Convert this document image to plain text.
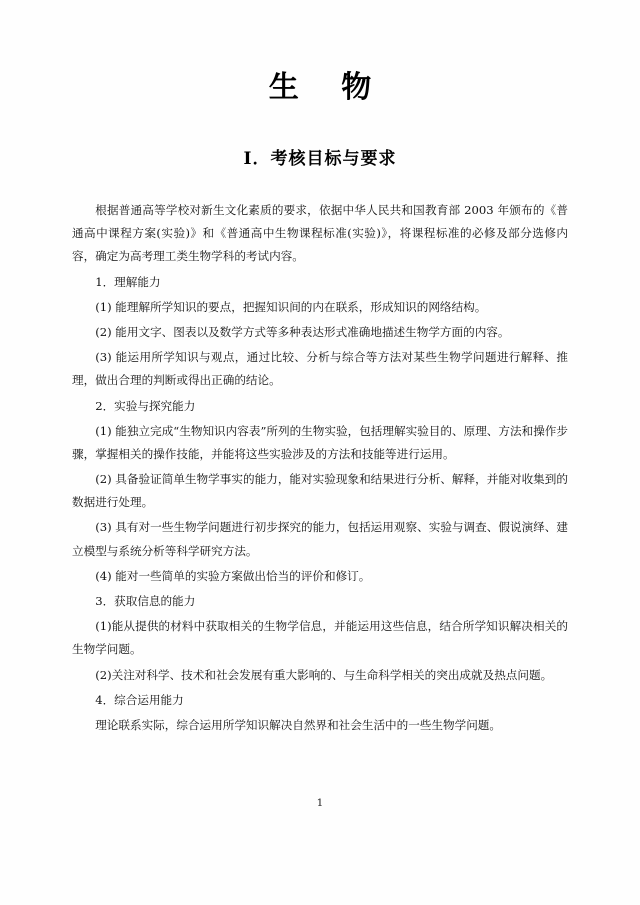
生 物
Ⅰ．考核目标与要求

根据普通高等学校对新生文化素质的要求，依据中华人民共和国教育部 2003 年颁布的《普通高中课程方案(实验)》和《普通高中生物课程标准(实验)》，将课程标准的必修及部分选修内容，确定为高考理工类生物学科的考试内容。

1．理解能力

(1) 能理解所学知识的要点，把握知识间的内在联系，形成知识的网络结构。

(2) 能用文字、图表以及数学方式等多种表达形式准确地描述生物学方面的内容。

(3) 能运用所学知识与观点，通过比较、分析与综合等方法对某些生物学问题进行解释、推理，做出合理的判断或得出正确的结论。

2．实验与探究能力

(1) 能独立完成“生物知识内容表”所列的生物实验，包括理解实验目的、原理、方法和操作步骤，掌握相关的操作技能，并能将这些实验涉及的方法和技能等进行运用。

(2) 具备验证简单生物学事实的能力，能对实验现象和结果进行分析、解释，并能对收集到的数据进行处理。

(3) 具有对一些生物学问题进行初步探究的能力，包括运用观察、实验与调查、假说演绎、建立模型与系统分析等科学研究方法。

(4) 能对一些简单的实验方案做出恰当的评价和修订。

3．获取信息的能力

(1)能从提供的材料中获取相关的生物学信息，并能运用这些信息，结合所学知识解决相关的生物学问题。

(2)关注对科学、技术和社会发展有重大影响的、与生命科学相关的突出成就及热点问题。

4．综合运用能力

理论联系实际，综合运用所学知识解决自然界和社会生活中的一些生物学问题。

1
